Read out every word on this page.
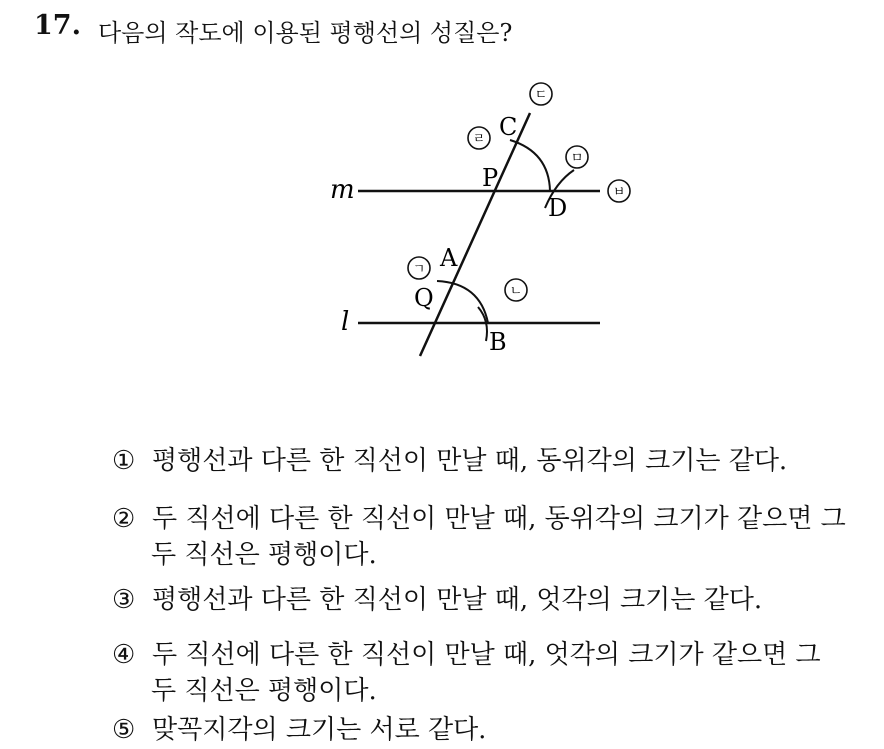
17. 다음의 작도에 이용된 평행선의 성질은?
m
l
C
P
D
A
Q
B
ㄷ
ㄹ
ㅁ
ㅂ
ㄱ
ㄴ
① 평행선과 다른 한 직선이 만날 때, 동위각의 크기는 같다.
② 두 직선에 다른 한 직선이 만날 때, 동위각의 크기가 같으면 그
두 직선은 평행이다.
③ 평행선과 다른 한 직선이 만날 때, 엇각의 크기는 같다.
④ 두 직선에 다른 한 직선이 만날 때, 엇각의 크기가 같으면 그
두 직선은 평행이다.
⑤ 맞꼭지각의 크기는 서로 같다.
